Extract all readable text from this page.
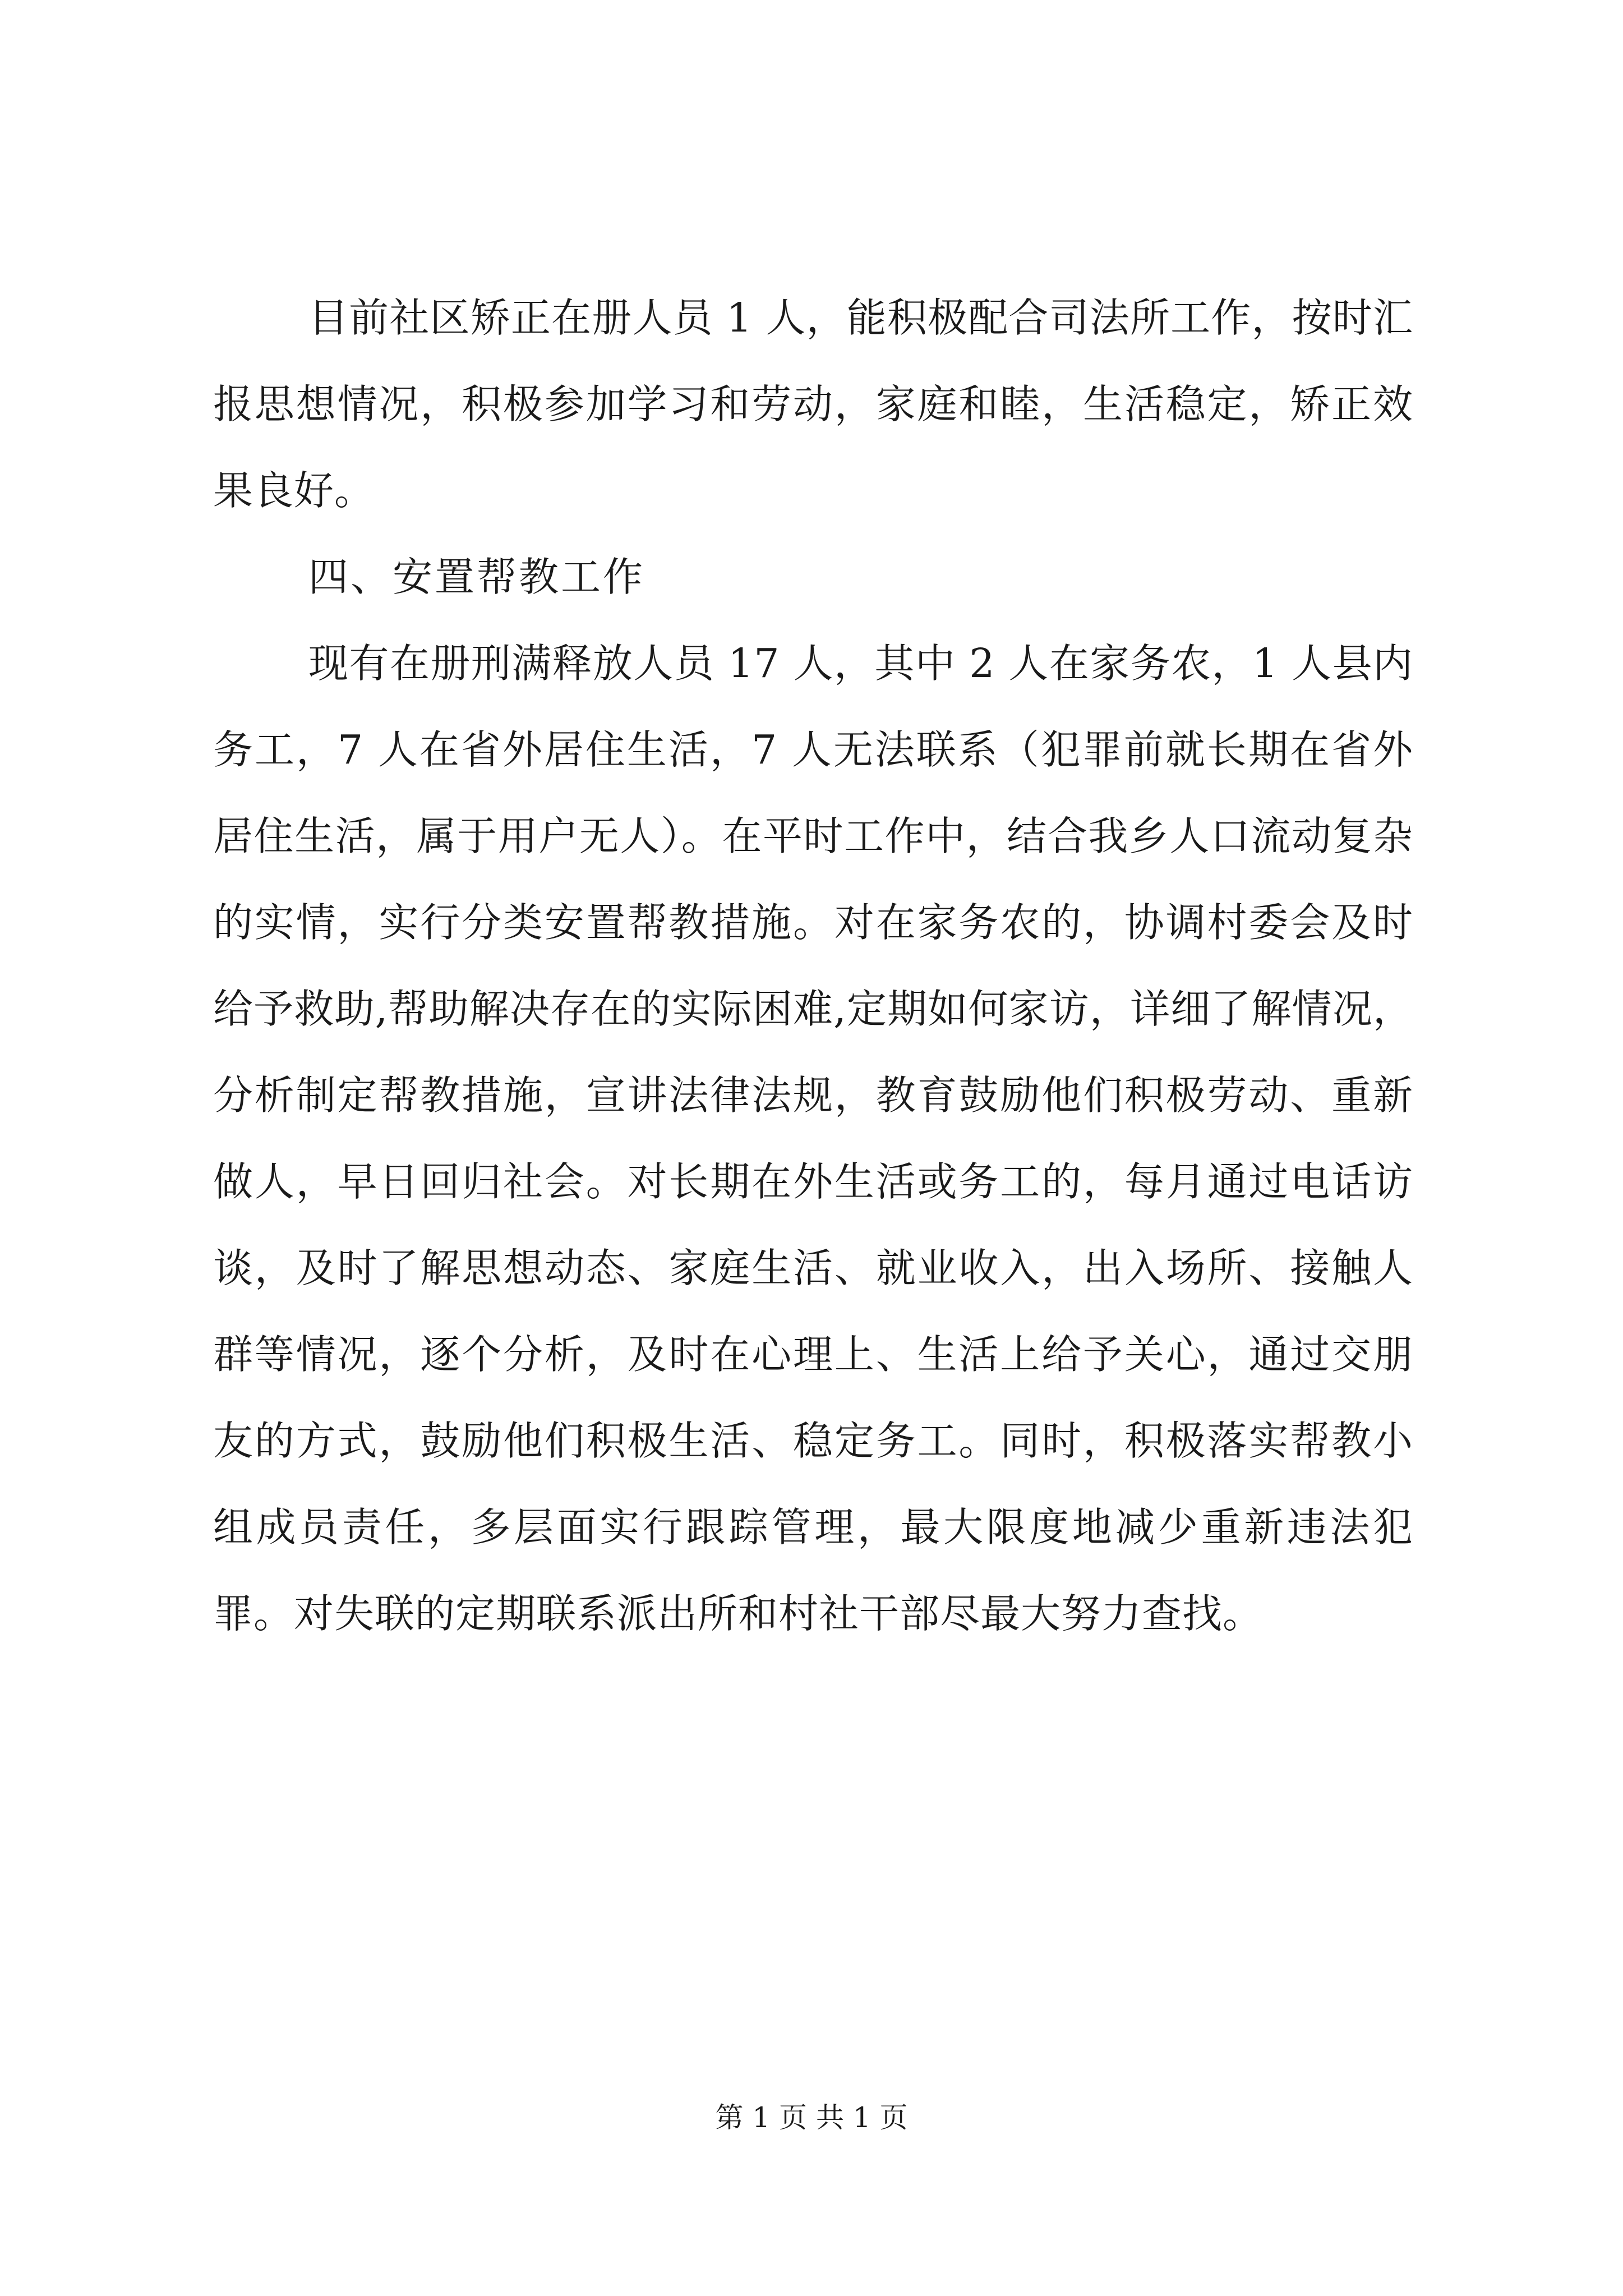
目前社区矫正在册人员 1 人，能积极配合司法所工作，按时汇报思想情况，积极参加学习和劳动，家庭和睦，生活稳定，矫正效果良好。

四、安置帮教工作

现有在册刑满释放人员 17 人，其中 2 人在家务农，1 人县内务工，7 人在省外居住生活，7 人无法联系（犯罪前就长期在省外居住生活，属于用户无人）。在平时工作中，结合我乡人口流动复杂的实情，实行分类安置帮教措施。对在家务农的，协调村委会及时给予救助,帮助解决存在的实际困难,定期如何家访，详细了解情况，分析制定帮教措施，宣讲法律法规，教育鼓励他们积极劳动、重新做人，早日回归社会。对长期在外生活或务工的，每月通过电话访谈，及时了解思想动态、家庭生活、就业收入，出入场所、接触人群等情况，逐个分析，及时在心理上、生活上给予关心，通过交朋友的方式，鼓励他们积极生活、稳定务工。同时，积极落实帮教小组成员责任，多层面实行跟踪管理，最大限度地减少重新违法犯罪。对失联的定期联系派出所和村社干部尽最大努力查找。

第 1 页 共 1 页
